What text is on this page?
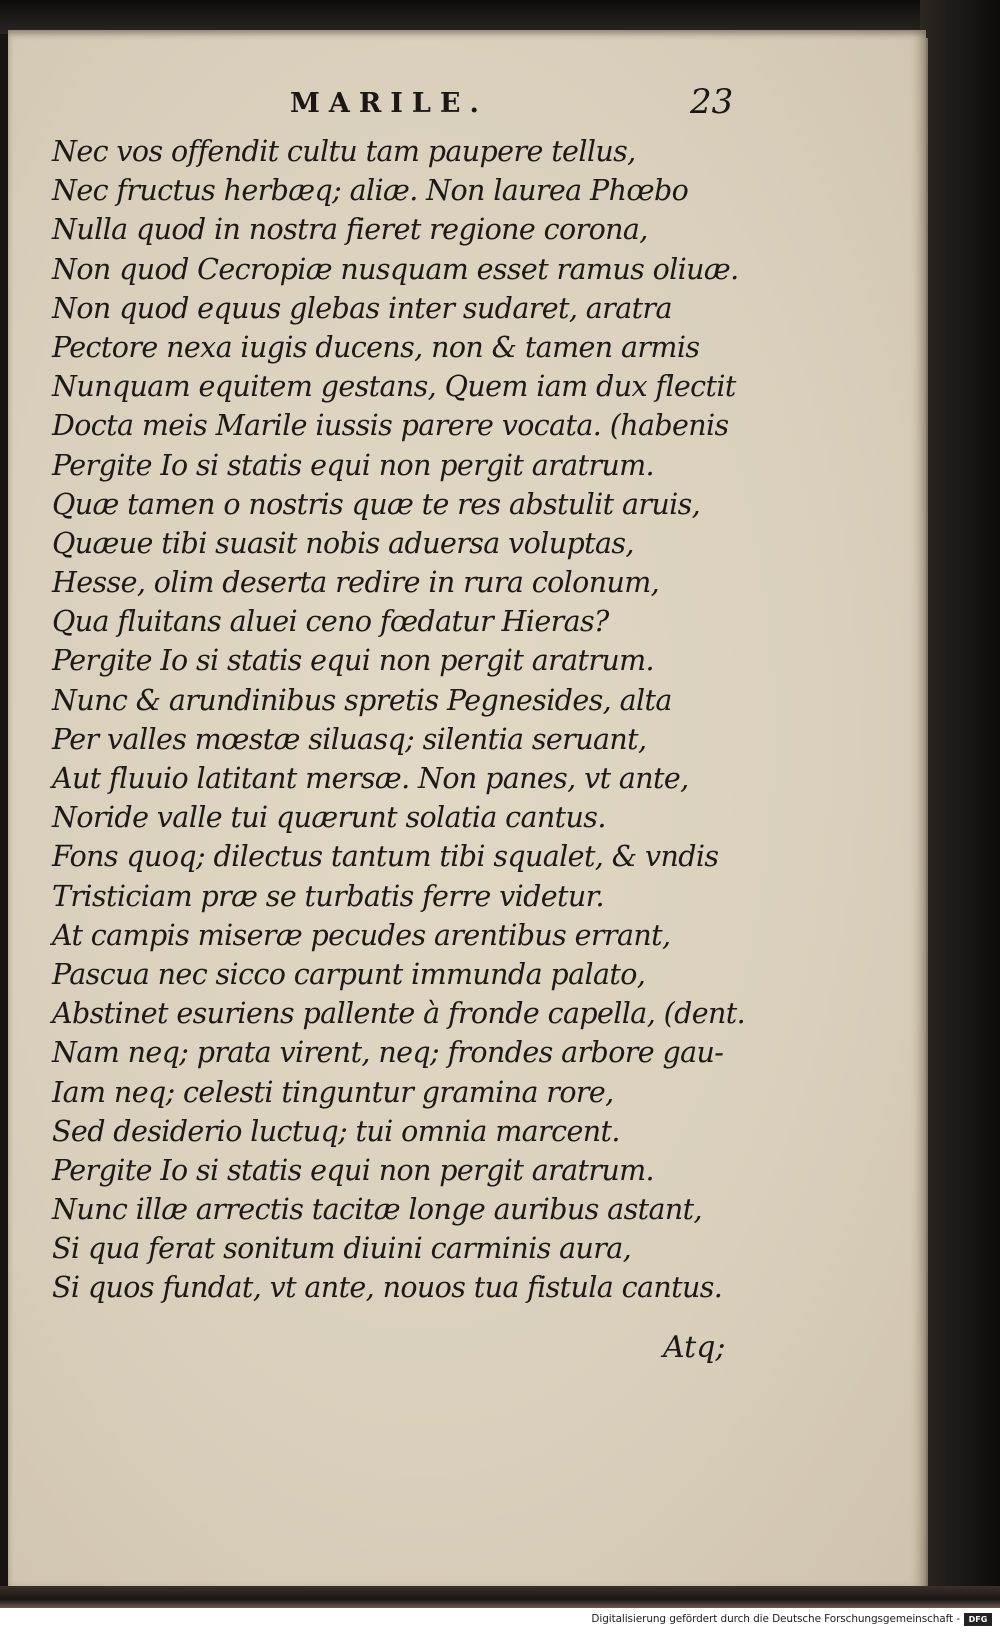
MARILE.	23
Nec vos offendit cultu tam paupere tellus,
Nec fructus herbæq; aliæ. Non laurea Phœbo
Nulla quod in nostra fieret regione corona,
Non quod Cecropiæ nusquam esset ramus oliuæ.
Non quod equus glebas inter sudaret, aratra
Pectore nexa iugis ducens, non & tamen armis
Nunquam equitem gestans, Quem iam dux flectit
Docta meis Marile iussis parere vocata. (habenis
Pergite Io si statis equi non pergit aratrum.
Quæ tamen o nostris quæ te res abstulit aruis,
Quæue tibi suasit nobis aduersa voluptas,
Hesse, olim deserta redire in rura colonum,
Qua fluitans aluei ceno fœdatur Hieras?
Pergite Io si statis equi non pergit aratrum.
Nunc & arundinibus spretis Pegnesides, alta
Per valles mœstæ siluasq; silentia seruant,
Aut fluuio latitant mersæ. Non panes, vt ante,
Noride valle tui quærunt solatia cantus.
Fons quoq; dilectus tantum tibi squalet, & vndis
Tristiciam præ se turbatis ferre videtur.
At campis miseræ pecudes arentibus errant,
Pascua nec sicco carpunt immunda palato,
Abstinet esuriens pallente à fronde capella, (dent.
Nam neq; prata virent, neq; frondes arbore gau-
Iam neq; celesti tinguntur gramina rore,
Sed desiderio luctuq; tui omnia marcent.
Pergite Io si statis equi non pergit aratrum.
Nunc illæ arrectis tacitæ longe auribus astant,
Si qua ferat sonitum diuini carminis aura,
Si quos fundat, vt ante, nouos tua fistula cantus.
Atq;
Digitalisierung gefördert durch die Deutsche Forschungsgemeinschaft -	DFG
